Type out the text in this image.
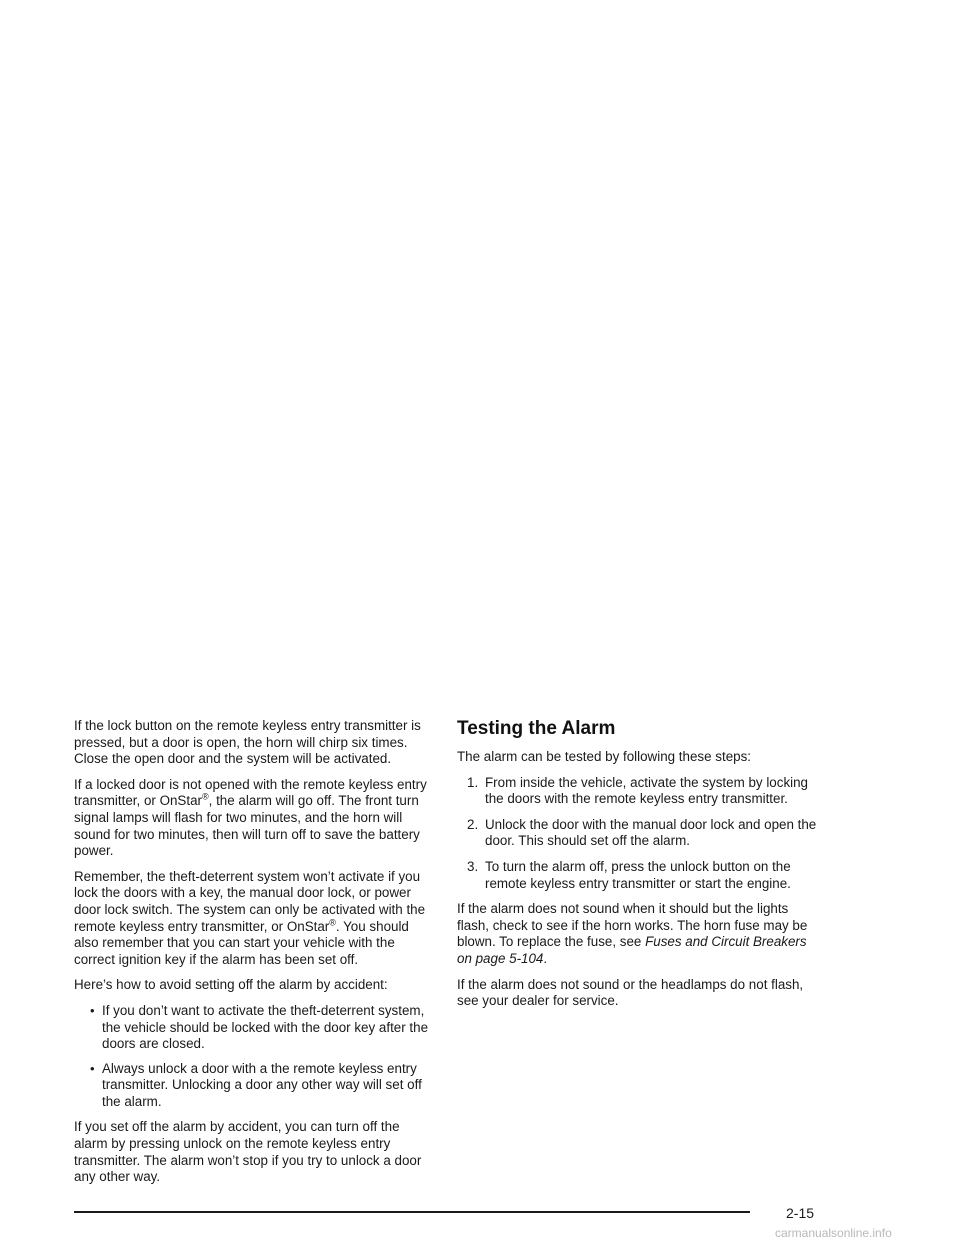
If the lock button on the remote keyless entry transmitter is pressed, but a door is open, the horn will chirp six times. Close the open door and the system will be activated.

If a locked door is not opened with the remote keyless entry transmitter, or OnStar®, the alarm will go off. The front turn signal lamps will flash for two minutes, and the horn will sound for two minutes, then will turn off to save the battery power.

Remember, the theft-deterrent system won’t activate if you lock the doors with a key, the manual door lock, or power door lock switch. The system can only be activated with the remote keyless entry transmitter, or OnStar®. You should also remember that you can start your vehicle with the correct ignition key if the alarm has been set off.

Here’s how to avoid setting off the alarm by accident:

• If you don’t want to activate the theft-deterrent system, the vehicle should be locked with the door key after the doors are closed.
• Always unlock a door with a the remote keyless entry transmitter. Unlocking a door any other way will set off the alarm.

If you set off the alarm by accident, you can turn off the alarm by pressing unlock on the remote keyless entry transmitter. The alarm won’t stop if you try to unlock a door any other way.

Testing the Alarm

The alarm can be tested by following these steps:

1. From inside the vehicle, activate the system by locking the doors with the remote keyless entry transmitter.
2. Unlock the door with the manual door lock and open the door. This should set off the alarm.
3. To turn the alarm off, press the unlock button on the remote keyless entry transmitter or start the engine.

If the alarm does not sound when it should but the lights flash, check to see if the horn works. The horn fuse may be blown. To replace the fuse, see Fuses and Circuit Breakers on page 5-104.

If the alarm does not sound or the headlamps do not flash, see your dealer for service.

2-15
carmanualsonline.info
